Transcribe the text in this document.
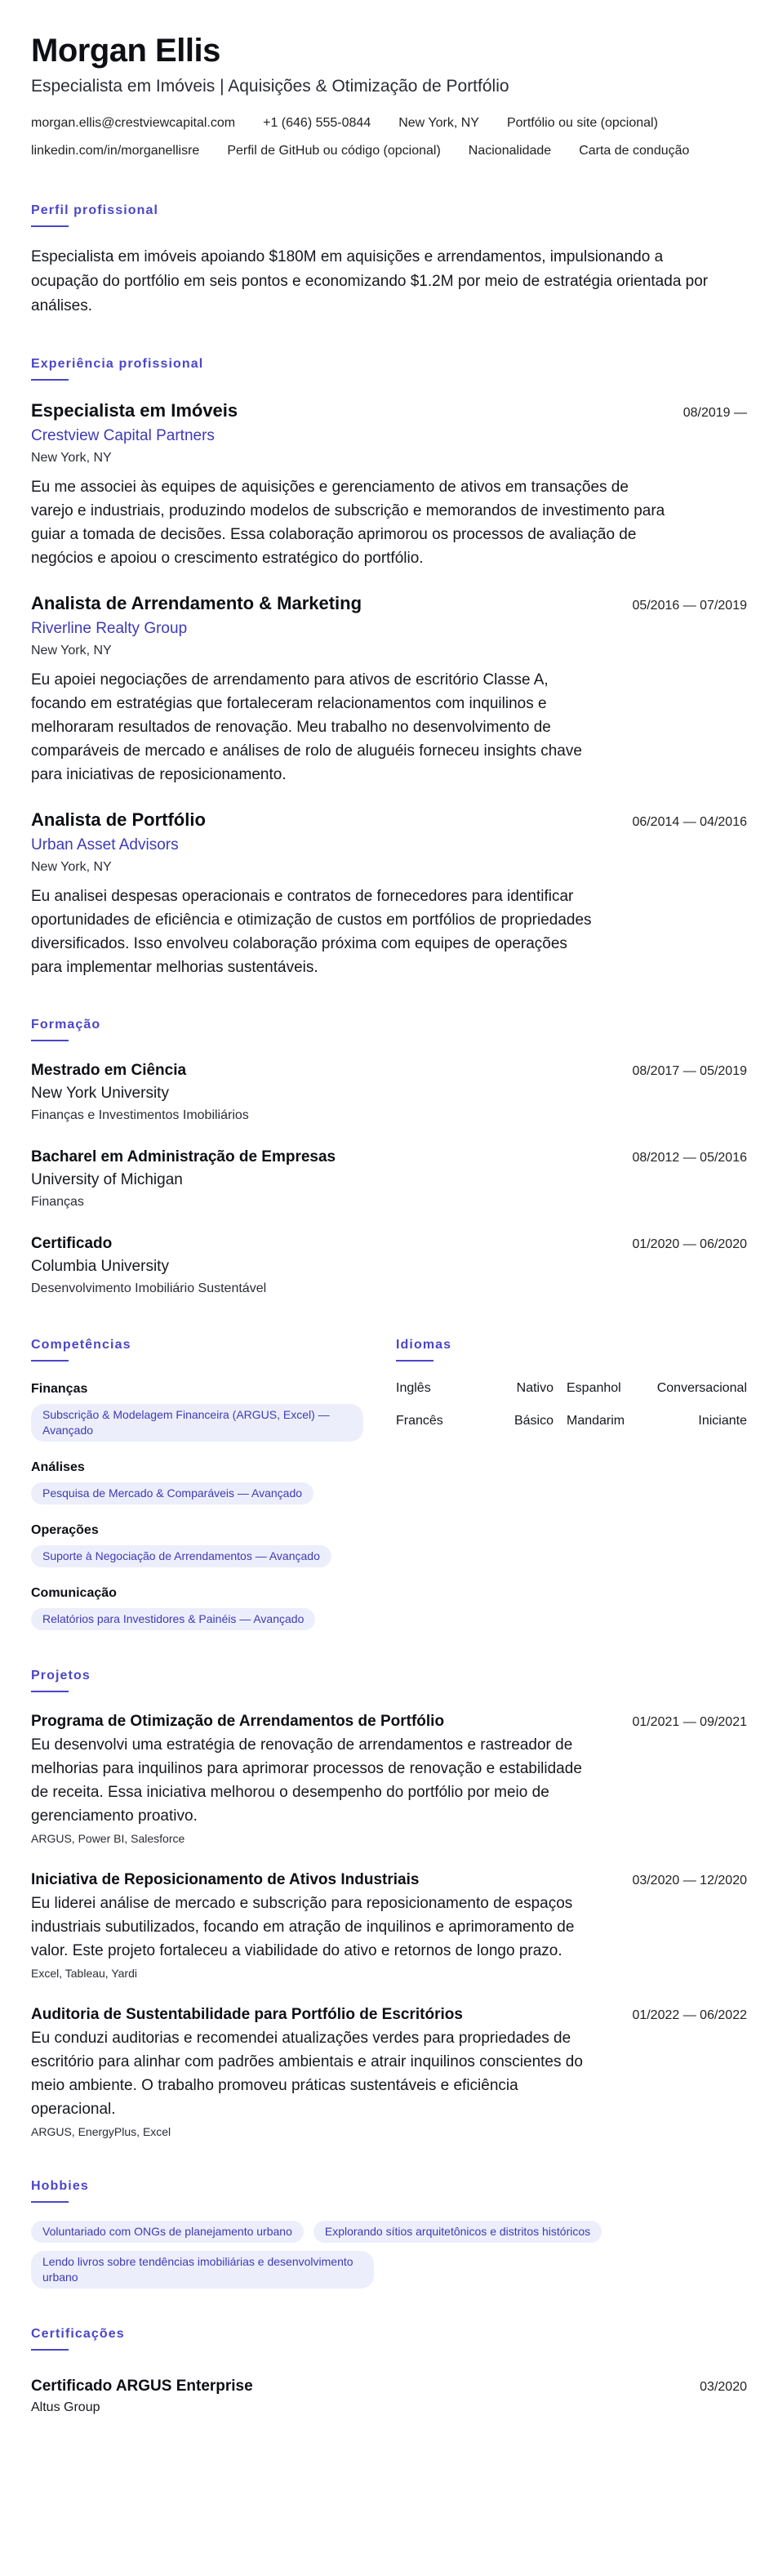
Morgan Ellis
Especialista em Imóveis | Aquisições & Otimização de Portfólio
morgan.ellis@crestviewcapital.com +1 (646) 555-0844 New York, NY Portfólio ou site (opcional)
linkedin.com/in/morganellisre Perfil de GitHub ou código (opcional) Nacionalidade Carta de condução
Perfil profissional

Especialista em imóveis apoiando $180M em aquisições e arrendamentos, impulsionando a ocupação do portfólio em seis pontos e economizando $1.2M por meio de estratégia orientada por análises.

Experiência profissional
Especialista em Imóveis	08/2019 —
Crestview Capital Partners
New York, NY

Eu me associei às equipes de aquisições e gerenciamento de ativos em transações de varejo e industriais, produzindo modelos de subscrição e memorandos de investimento para guiar a tomada de decisões. Essa colaboração aprimorou os processos de avaliação de negócios e apoiou o crescimento estratégico do portfólio.

Analista de Arrendamento & Marketing	05/2016 — 07/2019
Riverline Realty Group
New York, NY

Eu apoiei negociações de arrendamento para ativos de escritório Classe A, focando em estratégias que fortaleceram relacionamentos com inquilinos e melhoraram resultados de renovação. Meu trabalho no desenvolvimento de comparáveis de mercado e análises de rolo de aluguéis forneceu insights chave para iniciativas de reposicionamento.

Analista de Portfólio	06/2014 — 04/2016
Urban Asset Advisors
New York, NY

Eu analisei despesas operacionais e contratos de fornecedores para identificar oportunidades de eficiência e otimização de custos em portfólios de propriedades diversificados. Isso envolveu colaboração próxima com equipes de operações para implementar melhorias sustentáveis.

Formação
Mestrado em Ciência	08/2017 — 05/2019
New York University
Finanças e Investimentos Imobiliários
Bacharel em Administração de Empresas	08/2012 — 05/2016
University of Michigan
Finanças
Certificado	01/2020 — 06/2020
Columbia University
Desenvolvimento Imobiliário Sustentável
Competências
Finanças
Subscrição & Modelagem Financeira (ARGUS, Excel) — Avançado
Análises
Pesquisa de Mercado & Comparáveis — Avançado
Operações
Suporte à Negociação de Arrendamentos — Avançado
Comunicação
Relatórios para Investidores & Painéis — Avançado
Idiomas
Inglês	Nativo	Espanhol	Conversacional
Francês	Básico	Mandarim	Iniciante
Projetos
Programa de Otimização de Arrendamentos de Portfólio	01/2021 — 09/2021

Eu desenvolvi uma estratégia de renovação de arrendamentos e rastreador de melhorias para inquilinos para aprimorar processos de renovação e estabilidade de receita. Essa iniciativa melhorou o desempenho do portfólio por meio de gerenciamento proativo.

ARGUS, Power BI, Salesforce
Iniciativa de Reposicionamento de Ativos Industriais	03/2020 — 12/2020

Eu liderei análise de mercado e subscrição para reposicionamento de espaços industriais subutilizados, focando em atração de inquilinos e aprimoramento de valor. Este projeto fortaleceu a viabilidade do ativo e retornos de longo prazo.

Excel, Tableau, Yardi
Auditoria de Sustentabilidade para Portfólio de Escritórios	01/2022 — 06/2022

Eu conduzi auditorias e recomendei atualizações verdes para propriedades de escritório para alinhar com padrões ambientais e atrair inquilinos conscientes do meio ambiente. O trabalho promoveu práticas sustentáveis e eficiência operacional.

ARGUS, EnergyPlus, Excel
Hobbies
Voluntariado com ONGs de planejamento urbano	Explorando sítios arquitetônicos e distritos históricos
Lendo livros sobre tendências imobiliárias e desenvolvimento urbano
Certificações
Certificado ARGUS Enterprise	03/2020
Altus Group
